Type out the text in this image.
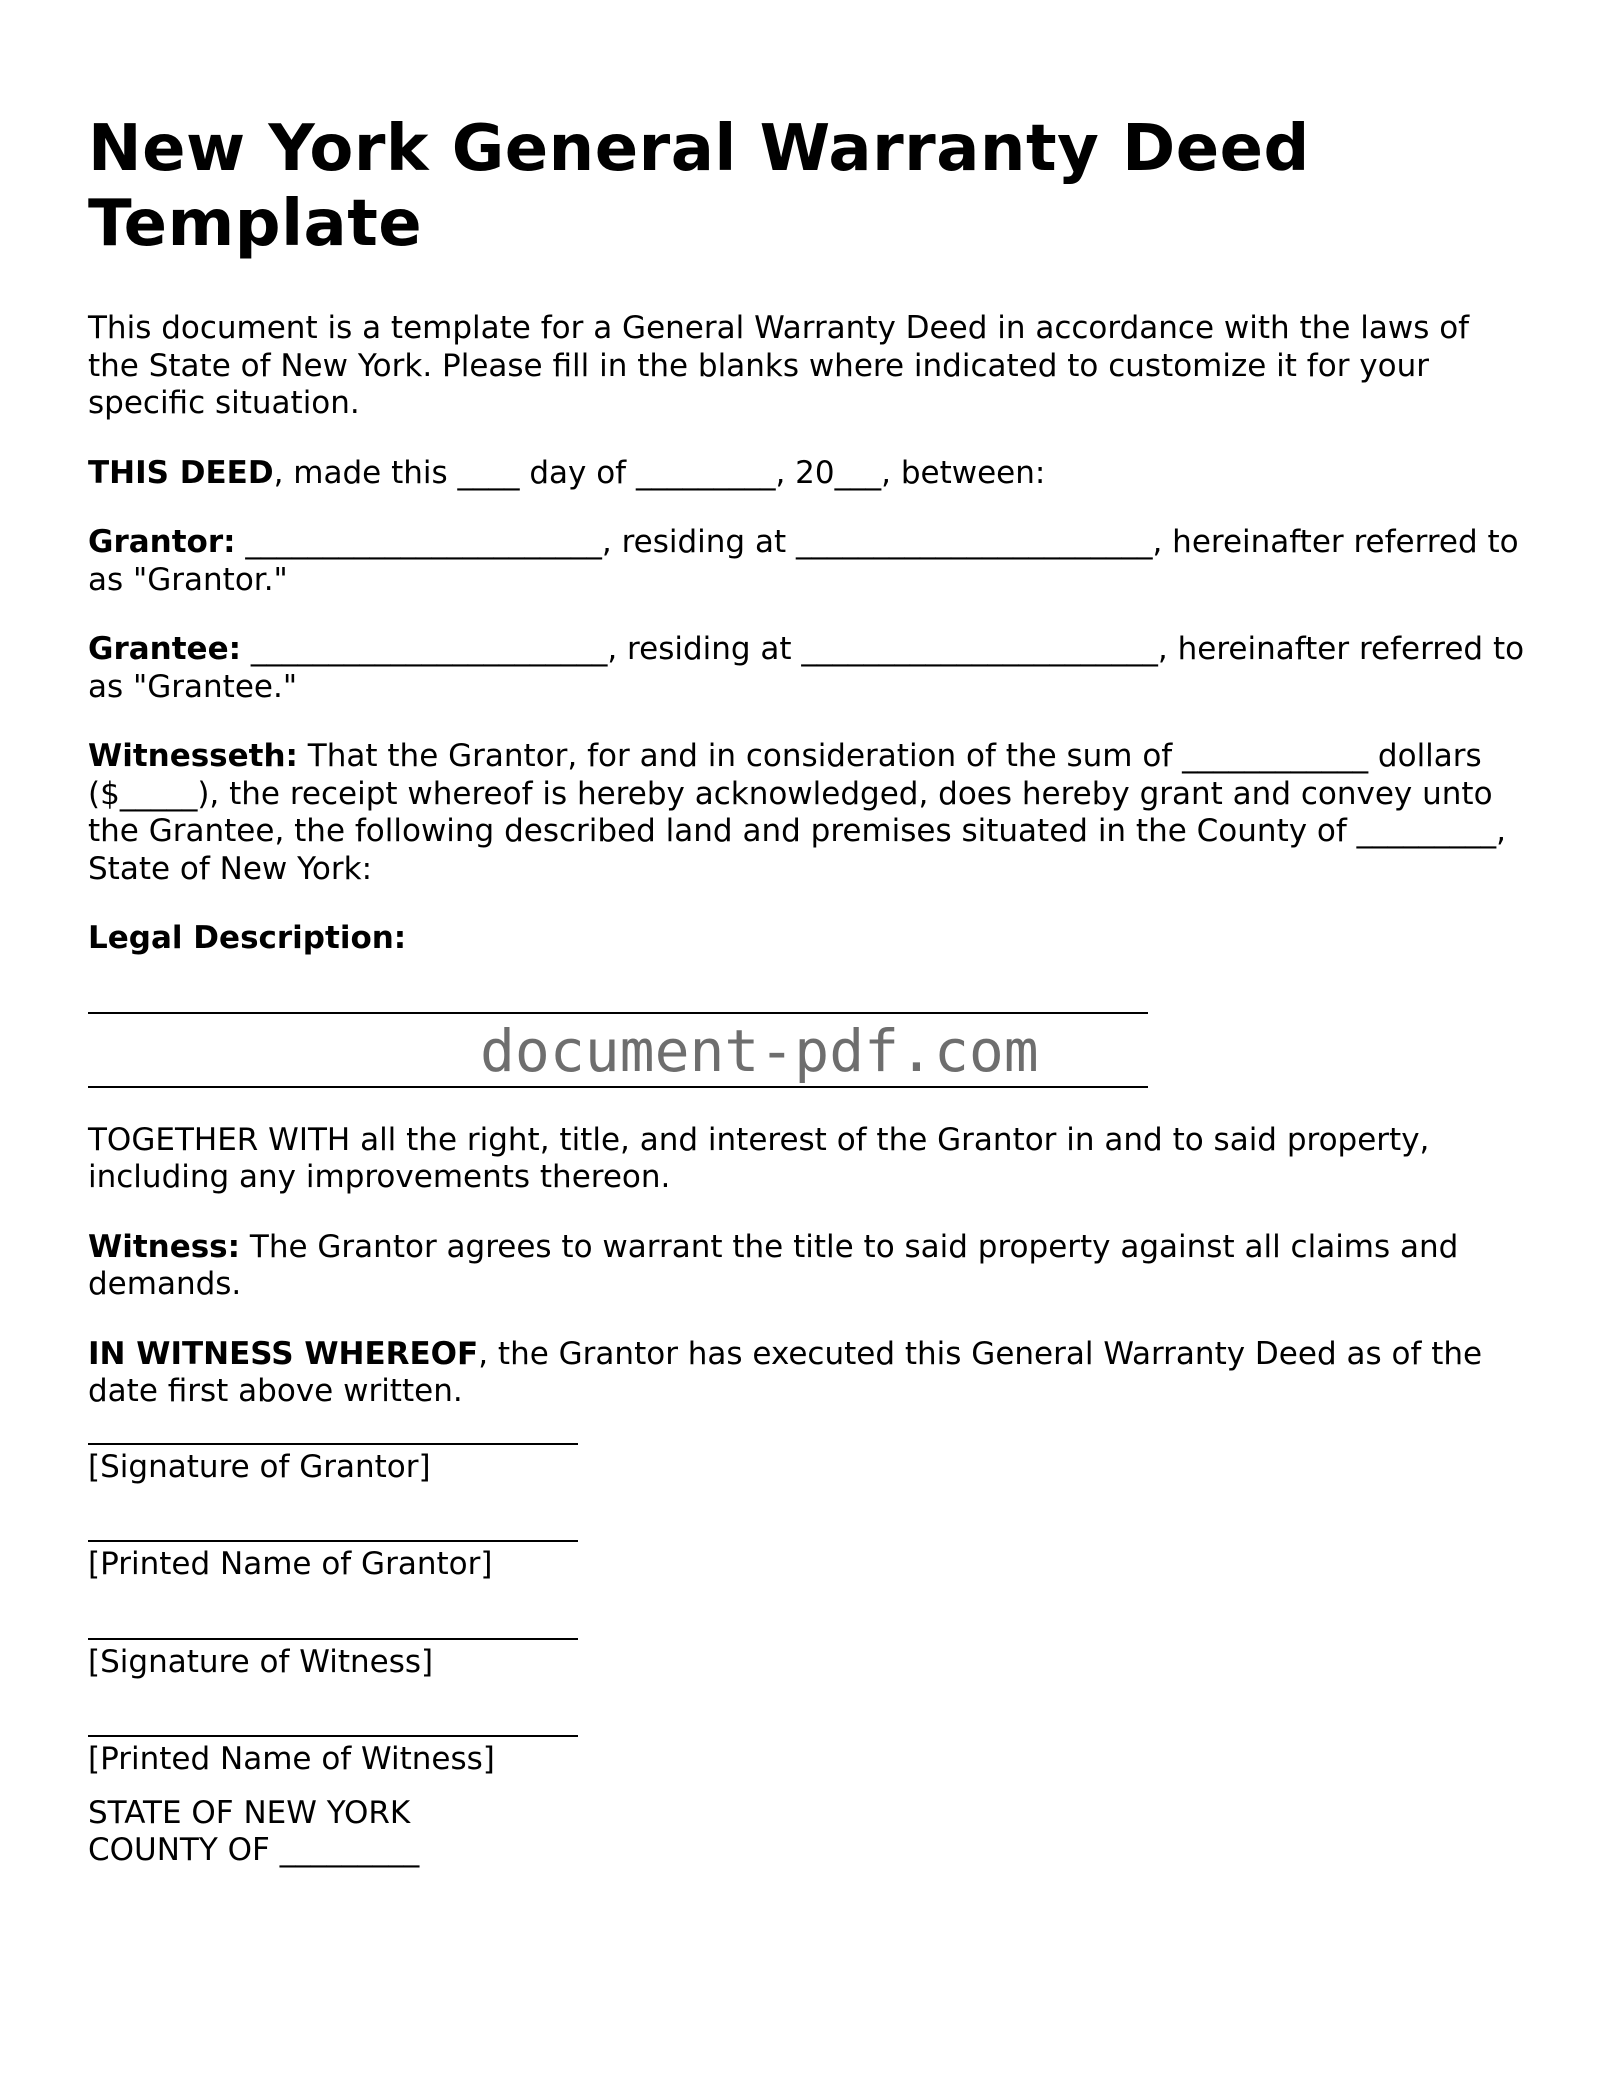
New York General Warranty Deed Template

This document is a template for a General Warranty Deed in accordance with the laws of the State of New York. Please fill in the blanks where indicated to customize it for your specific situation.

THIS DEED, made this ____ day of _________, 20___, between:

Grantor: _______________________, residing at _______________________, hereinafter referred to as "Grantor."

Grantee: _______________________, residing at _______________________, hereinafter referred to as "Grantee."

Witnesseth: That the Grantor, for and in consideration of the sum of ____________ dollars ($_____), the receipt whereof is hereby acknowledged, does hereby grant and convey unto the Grantee, the following described land and premises situated in the County of _________, State of New York:

Legal Description:

document-pdf.com

TOGETHER WITH all the right, title, and interest of the Grantor in and to said property, including any improvements thereon.

Witness: The Grantor agrees to warrant the title to said property against all claims and demands.

IN WITNESS WHEREOF, the Grantor has executed this General Warranty Deed as of the date first above written.

[Signature of Grantor]
[Printed Name of Grantor]
[Signature of Witness]
[Printed Name of Witness]

STATE OF NEW YORK

COUNTY OF _________
